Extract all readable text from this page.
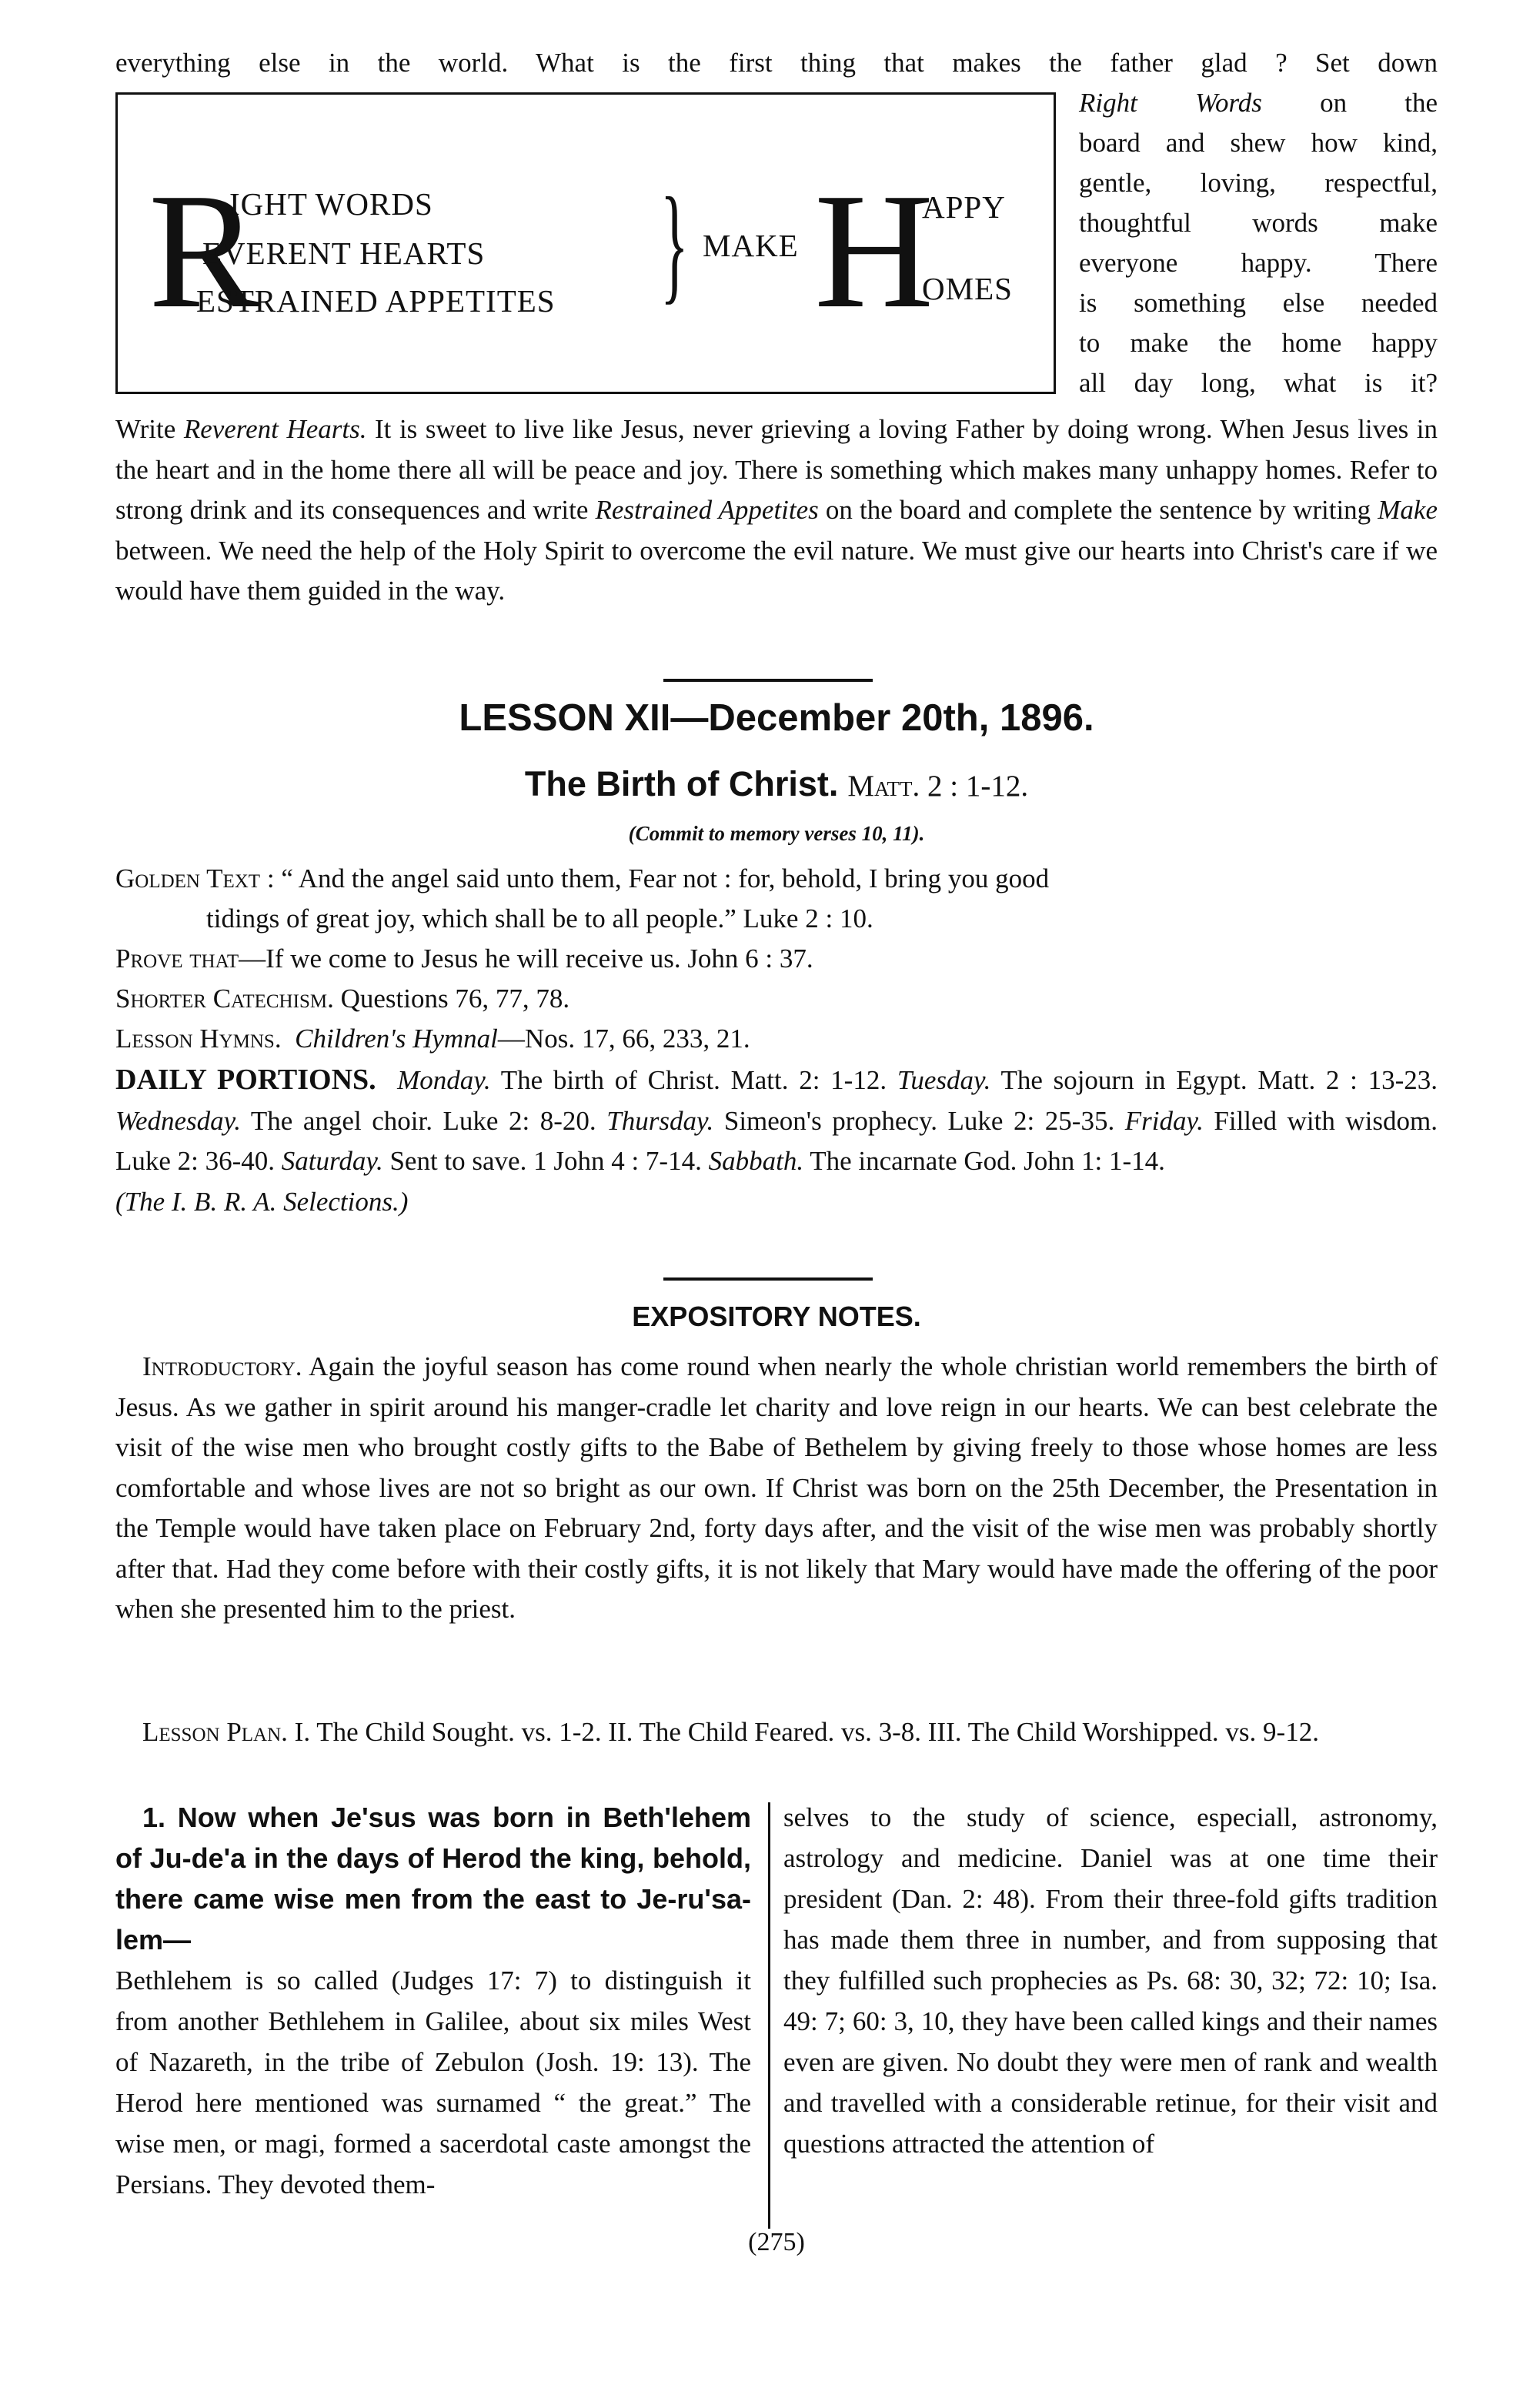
everything else in the world. What is the first thing that makes the father glad ? Set down
R
IGHT WORDS
EVERENT HEARTS
ESTRAINED APPETITES } MAKE H
APPY
OMES
Right Words on the
board and shew how kind,
gentle, loving, respectful,
thoughtful words make
everyone happy. There
is something else needed
to make the home happy
all day long, what is it?

Write Reverent Hearts. It is sweet to live like Jesus, never grieving a loving Father by doing wrong. When Jesus lives in the heart and in the home there all will be peace and joy. There is something which makes many unhappy homes. Refer to strong drink and its consequences and write Restrained Appetites on the board and complete the sentence by writing Make between. We need the help of the Holy Spirit to overcome the evil nature. We must give our hearts into Christ's care if we would have them guided in the way.

LESSON XII—December 20th, 1896.
The Birth of Christ. Matt. 2 : 1-12.
(Commit to memory verses 10, 11).
Golden Text : “ And the angel said unto them, Fear not : for, behold, I bring you good
tidings of great joy, which shall be to all people.” Luke 2 : 10.
Prove that—If we come to Jesus he will receive us. John 6 : 37.
Shorter Catechism. Questions 76, 77, 78.
Lesson Hymns. Children's Hymnal—Nos. 17, 66, 233, 21.

DAILY PORTIONS. Monday. The birth of Christ. Matt. 2: 1-12. Tuesday. The sojourn in Egypt. Matt. 2 : 13-23. Wednesday. The angel choir. Luke 2: 8-20. Thursday. Simeon's prophecy. Luke 2: 25-35. Friday. Filled with wisdom. Luke 2: 36-40. Saturday. Sent to save. 1 John 4 : 7-14. Sabbath. The incarnate God. John 1: 1-14.
(The I. B. R. A. Selections.)

EXPOSITORY NOTES.

Introductory. Again the joyful season has come round when nearly the whole christian world remembers the birth of Jesus. As we gather in spirit around his manger-cradle let charity and love reign in our hearts. We can best celebrate the visit of the wise men who brought costly gifts to the Babe of Bethelem by giving freely to those whose homes are less comfortable and whose lives are not so bright as our own. If Christ was born on the 25th December, the Presentation in the Temple would have taken place on February 2nd, forty days after, and the visit of the wise men was probably shortly after that. Had they come before with their costly gifts, it is not likely that Mary would have made the offering of the poor when she presented him to the priest.

Lesson Plan. I. The Child Sought. vs. 1-2. II. The Child Feared. vs. 3-8. III. The Child Worshipped. vs. 9-12.

1. Now when Je'sus was born in Beth'lehem of Ju-de'a in the days of Herod the king, behold, there came wise men from the east to Je-ru'sa-lem—

Bethlehem is so called (Judges 17: 7) to distinguish it from another Bethlehem in Galilee, about six miles West of Nazareth, in the tribe of Zebulon (Josh. 19: 13). The Herod here mentioned was surnamed “ the great.” The wise men, or magi, formed a sacerdotal caste amongst the Persians. They devoted them-

selves to the study of science, especiall, astronomy, astrology and medicine. Daniel was at one time their president (Dan. 2: 48). From their three-fold gifts tradition has made them three in number, and from supposing that they fulfilled such prophecies as Ps. 68: 30, 32; 72: 10; Isa. 49: 7; 60: 3, 10, they have been called kings and their names even are given. No doubt they were men of rank and wealth and travelled with a considerable retinue, for their visit and questions attracted the attention of

(275)
